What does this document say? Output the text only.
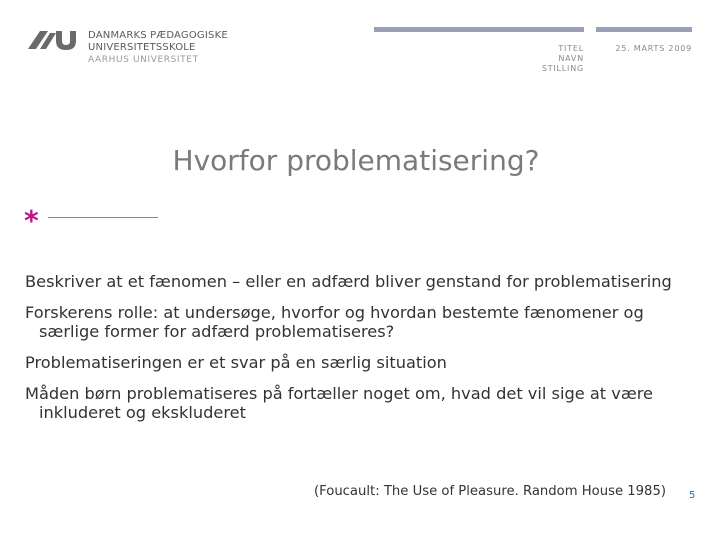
DANMARKS PÆDAGOGISKE
UNIVERSITETSSKOLE
AARHUS UNIVERSITET
TITEL
NAVN
STILLING
25. MARTS 2009
Hvorfor problematisering?
*
Beskriver at et fænomen – eller en adfærd bliver genstand for problematisering
Forskerens rolle: at undersøge, hvorfor og hvordan bestemte fænomener og særlige former for adfærd problematiseres?
Problematiseringen er et svar på en særlig situation
Måden børn problematiseres på fortæller noget om, hvad det vil sige at være inkluderet og ekskluderet
(Foucault: The Use of Pleasure. Random House 1985) 5
